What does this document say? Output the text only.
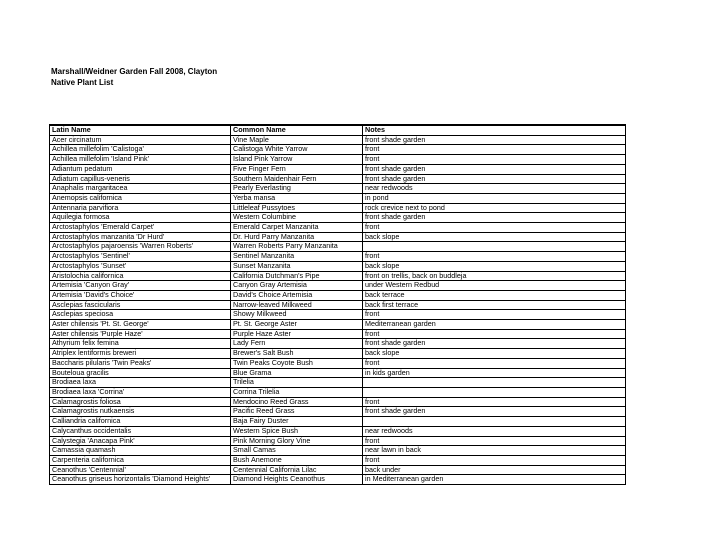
Marshall/Weidner Garden Fall 2008, Clayton
Native Plant List
Latin Name	Common Name	Notes
Acer circinatum	Vine Maple	front shade garden
Achillea millefolim 'Calistoga'	Calistoga White Yarrow	front
Achillea millefolim 'Island Pink'	Island Pink Yarrow	front
Adiantum pedatum	Five Finger Fern	front shade garden
Adiatum capillus-veneris	Southern Maidenhair Fern	front shade garden
Anaphalis margaritacea	Pearly Everlasting	near redwoods
Anemopsis californica	Yerba mansa	in pond
Antennaria parvifiora	Littleleaf Pussytoes	rock crevice next to pond
Aquilegia formosa	Western Columbine	front shade garden
Arctostaphylos 'Emerald Carpet'	Emerald Carpet Manzanita	front
Arctostaphylos manzanita 'Dr Hurd'	Dr. Hurd Parry Manzanita	back slope
Arctostaphylos pajaroensis 'Warren Roberts'	Warren Roberts Parry Manzanita	
Arctostaphylos 'Sentinel'	Sentinel Manzanita	front
Arctostaphylos 'Sunset'	Sunset Manzanita	back slope
Aristolochia californica	California Dutchman's Pipe	front on trellis, back on buddleja
Artemisia 'Canyon Gray'	Canyon Gray Artemisia	under Western Redbud
Artemisia 'David's Choice'	David's Choice Artemisia	back terrace
Asclepias fascicularis	Narrow-leaved Milkweed	back first terrace
Asclepias speciosa	Showy Milkweed	front
Aster chilensis 'Pt. St. George'	Pt. St. George Aster	Mediterranean garden
Aster chilensis 'Purple Haze'	Purple Haze Aster	front
Athyrium felix femina	Lady Fern	front shade garden
Atriplex lentiformis breweri	Brewer's Salt Bush	back slope
Baccharis pilularis 'Twin Peaks'	Twin Peaks Coyote Bush	front
Bouteloua gracilis	Blue Grama	in kids garden
Brodiaea laxa	Trilelia	
Brodiaea laxa 'Corrina'	Corrina Trilelia	
Calamagrostis foliosa	Mendocino Reed Grass	front
Calamagrostis nutkaensis	Pacific Reed Grass	front shade garden
Calliandria californica	Baja Fairy Duster	
Calycanthus occidentalis	Western Spice Bush	near redwoods
Calystegia 'Anacapa Pink'	Pink Morning Glory Vine	front
Camassia quamash	Small Camas	near lawn in back
Carpenteria californica	Bush Anemone	front
Ceanothus 'Centennial'	Centennial California Lilac	back under
Ceanothus griseus horizontalis 'Diamond Heights'	Diamond Heights Ceanothus	in Mediterranean garden
